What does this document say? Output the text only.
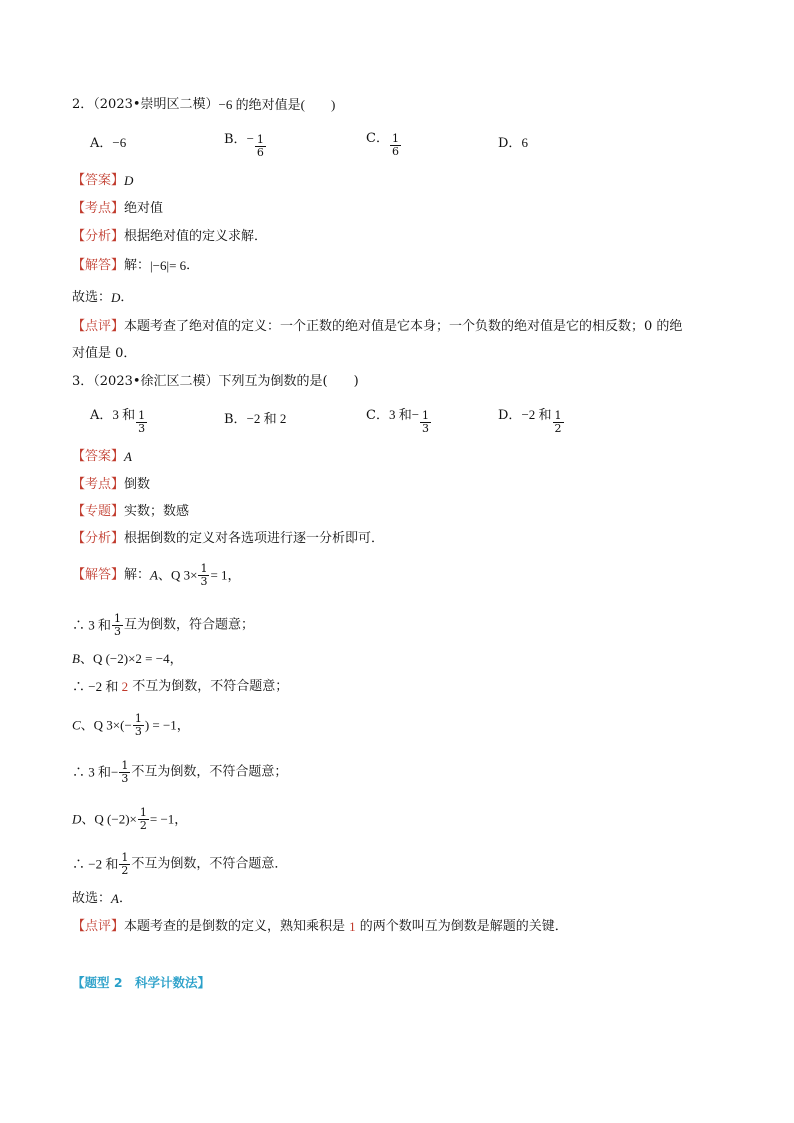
2．（2023•崇明区二模）−6 的绝对值是(　　)
A．−6	B．− $\frac{1}{6}$	C． $\frac{1}{6}$	D．6
【答案】D
【考点】绝对值
【分析】根据绝对值的定义求解．
【解答】解：|−6|= 6．
故选：D．
【点评】本题考查了绝对值的定义：一个正数的绝对值是它本身；一个负数的绝对值是它的相反数；0 的绝
对值是 0．
3．（2023•徐汇区二模）下列互为倒数的是(　　)
A．3 和 $\frac{1}{3}$	B．−2 和 2	C．3 和− $\frac{1}{3}$	D．−2 和 $\frac{1}{2}$
【答案】A
【考点】倒数
【专题】实数；数感
【分析】根据倒数的定义对各选项进行逐一分析即可．
【解答】解：A、Q $3\times \frac{1}{3} = 1$，
∴ 3 和 $\frac{1}{3}$ 互为倒数，符合题意；
B、Q (−2)×2 = −4，
∴ −2 和 2 不互为倒数，不符合题意；
C、Q $3\times(- \frac{1}{3}$ ) = −1，
∴ 3 和− $\frac{1}{3}$ 不互为倒数，不符合题意；
D、Q $(-2)\times \frac{1}{2} = -1$，
∴ −2 和 $\frac{1}{2}$ 不互为倒数，不符合题意．
故选：A．
【点评】本题考查的是倒数的定义，熟知乘积是 1 的两个数叫互为倒数是解题的关键．
【题型 2　科学计数法】
